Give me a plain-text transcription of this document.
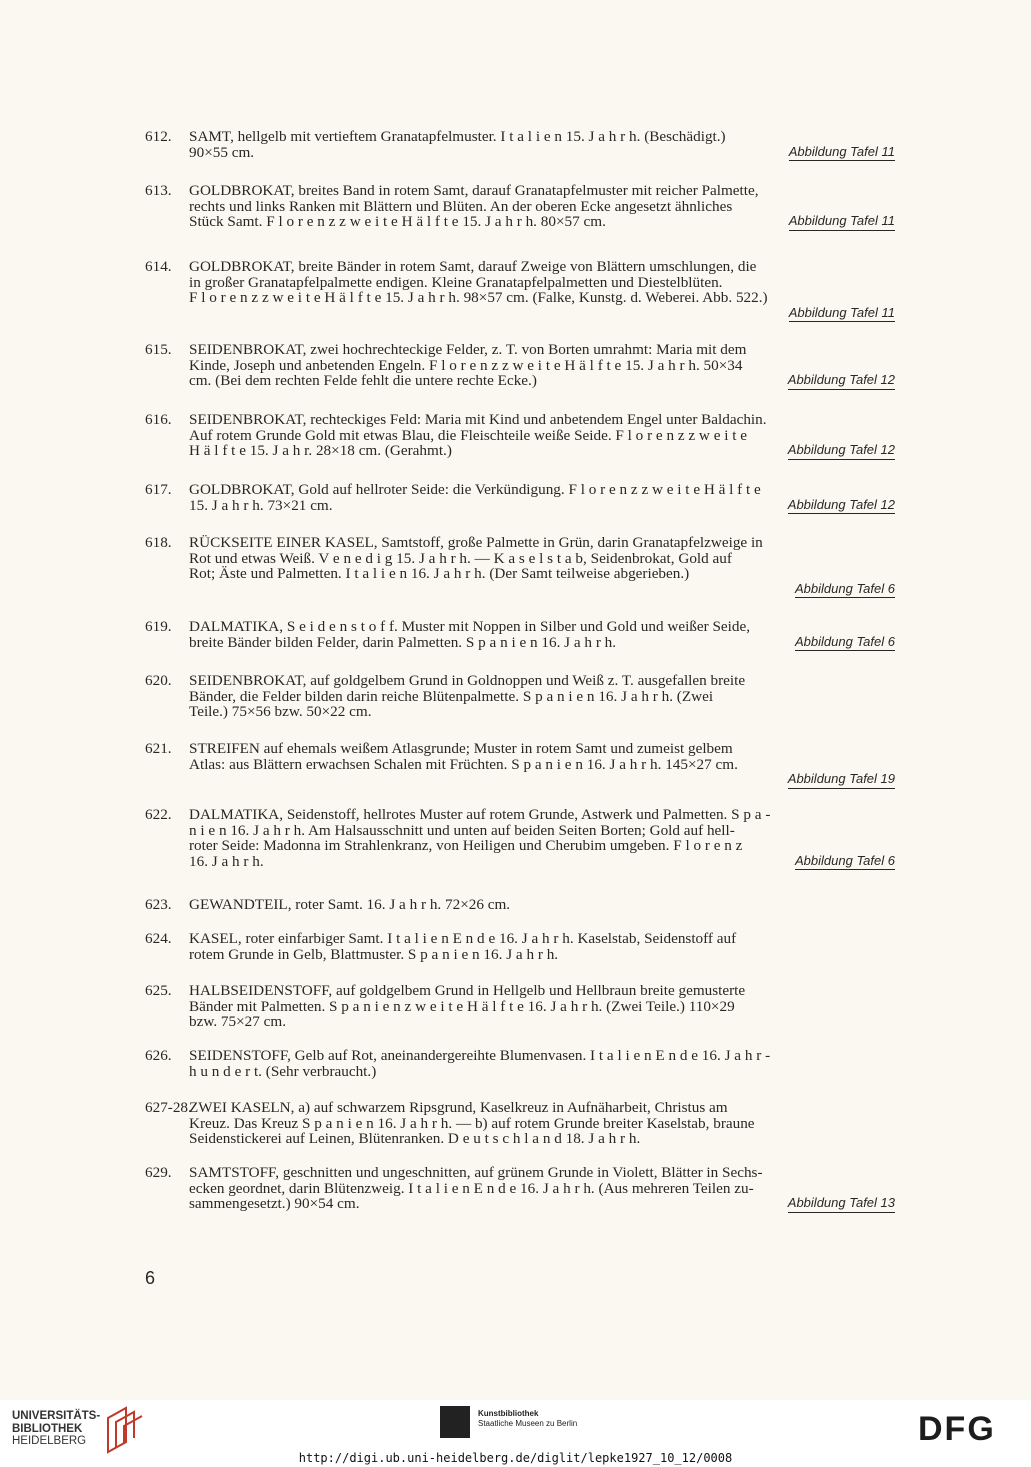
612. SAMT, hellgelb mit vertieftem Granatapfelmuster. I t a l i e n 15. J a h r h. (Beschädigt.)
Abbildung Tafel 11
90×55 cm.
613. GOLDBROKAT, breites Band in rotem Samt, darauf Granatapfelmuster mit reicher Palmette,
rechts und links Ranken mit Blättern und Blüten. An der oberen Ecke angesetzt ähnliches
Abbildung Tafel 11
Stück Samt. F l o r e n z z w e i t e H ä l f t e 15. J a h r h. 80×57 cm.
614. GOLDBROKAT, breite Bänder in rotem Samt, darauf Zweige von Blättern umschlungen, die
in großer Granatapfelpalmette endigen. Kleine Granatapfelpalmetten und Diestelblüten.
F l o r e n z z w e i t e H ä l f t e 15. J a h r h. 98×57 cm. (Falke, Kunstg. d. Weberei. Abb. 522.)
Abbildung Tafel 11
615. SEIDENBROKAT, zwei hochrechteckige Felder, z. T. von Borten umrahmt: Maria mit dem
Kinde, Joseph und anbetenden Engeln. F l o r e n z z w e i t e H ä l f t e 15. J a h r h. 50×34
Abbildung Tafel 12
cm. (Bei dem rechten Felde fehlt die untere rechte Ecke.)
616. SEIDENBROKAT, rechteckiges Feld: Maria mit Kind und anbetendem Engel unter Baldachin.
Auf rotem Grunde Gold mit etwas Blau, die Fleischteile weiße Seide. F l o r e n z z w e i t e
Abbildung Tafel 12
H ä l f t e 15. J a h r. 28×18 cm. (Gerahmt.)
617. GOLDBROKAT, Gold auf hellroter Seide: die Verkündigung. F l o r e n z z w e i t e H ä l f t e
Abbildung Tafel 12
15. J a h r h. 73×21 cm.
618. RÜCKSEITE EINER KASEL, Samtstoff, große Palmette in Grün, darin Granatapfelzweige in
Rot und etwas Weiß. V e n e d i g 15. J a h r h. — K a s e l s t a b, Seidenbrokat, Gold auf
Rot; Äste und Palmetten. I t a l i e n 16. J a h r h. (Der Samt teilweise abgerieben.)
Abbildung Tafel 6
619. DALMATIKA, S e i d e n s t o f f. Muster mit Noppen in Silber und Gold und weißer Seide,
Abbildung Tafel 6
breite Bänder bilden Felder, darin Palmetten. S p a n i e n 16. J a h r h.
620. SEIDENBROKAT, auf goldgelbem Grund in Goldnoppen und Weiß z. T. ausgefallen breite
Bänder, die Felder bilden darin reiche Blütenpalmette. S p a n i e n 16. J a h r h. (Zwei
Teile.) 75×56 bzw. 50×22 cm.
621. STREIFEN auf ehemals weißem Atlasgrunde; Muster in rotem Samt und zumeist gelbem
Atlas: aus Blättern erwachsen Schalen mit Früchten. S p a n i e n 16. J a h r h. 145×27 cm.
Abbildung Tafel 19
622. DALMATIKA, Seidenstoff, hellrotes Muster auf rotem Grunde, Astwerk und Palmetten. S p a -
n i e n 16. J a h r h. Am Halsausschnitt und unten auf beiden Seiten Borten; Gold auf hell-
roter Seide: Madonna im Strahlenkranz, von Heiligen und Cherubim umgeben. F l o r e n z
Abbildung Tafel 6
16. J a h r h.
623. GEWANDTEIL, roter Samt. 16. J a h r h. 72×26 cm.
624. KASEL, roter einfarbiger Samt. I t a l i e n E n d e 16. J a h r h. Kaselstab, Seidenstoff auf
rotem Grunde in Gelb, Blattmuster. S p a n i e n 16. J a h r h.
625. HALBSEIDENSTOFF, auf goldgelbem Grund in Hellgelb und Hellbraun breite gemusterte
Bänder mit Palmetten. S p a n i e n z w e i t e H ä l f t e 16. J a h r h. (Zwei Teile.) 110×29
bzw. 75×27 cm.
626. SEIDENSTOFF, Gelb auf Rot, aneinandergereihte Blumenvasen. I t a l i e n E n d e 16. J a h r -
h u n d e r t. (Sehr verbraucht.)
627-28.
ZWEI KASELN, a) auf schwarzem Ripsgrund, Kaselkreuz in Aufnäharbeit, Christus am
Kreuz. Das Kreuz S p a n i e n 16. J a h r h. — b) auf rotem Grunde breiter Kaselstab, braune
Seidenstickerei auf Leinen, Blütenranken. D e u t s c h l a n d 18. J a h r h.
629. SAMTSTOFF, geschnitten und ungeschnitten, auf grünem Grunde in Violett, Blätter in Sechs-
ecken geordnet, darin Blütenzweig. I t a l i e n E n d e 16. J a h r h. (Aus mehreren Teilen zu-
Abbildung Tafel 13
sammengesetzt.) 90×54 cm.
6
UNIVERSITÄTS-
BIBLIOTHEK
HEIDELBERG
Kunstbibliothek
Staatliche Museen zu Berlin	DFG
http://digi.ub.uni-heidelberg.de/diglit/lepke1927_10_12/0008
